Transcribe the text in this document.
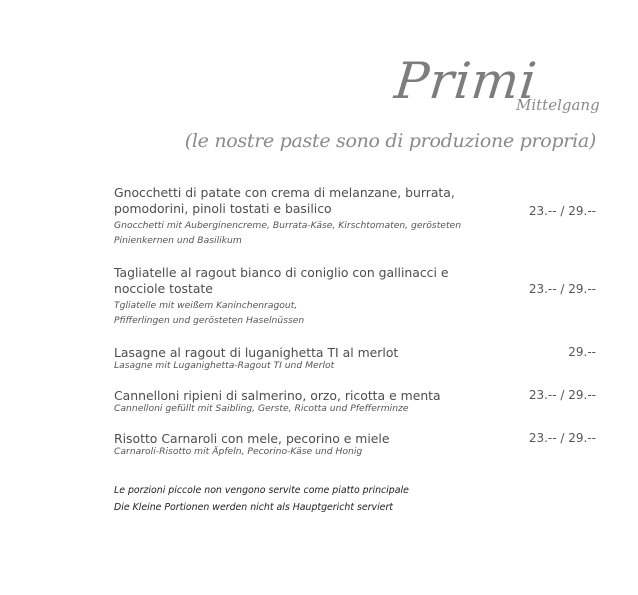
Primi
Mittelgang
(le nostre paste sono di produzione propria)
Gnocchetti di patate con crema di melanzane, burrata, pomodorini, pinoli tostati e basilico	23.-- / 29.--
Gnocchetti mit Auberginencreme, Burrata-Käse, Kirschtomaten, gerösteten Pinienkernen und Basilikum
Tagliatelle al ragout bianco di coniglio con gallinacci e nocciole tostate	23.-- / 29.--
Tgliatelle mit weißem Kaninchenragout, Pfifferlingen und gerösteten Haselnüssen
Lasagne al ragout di luganighetta TI al merlot	29.--
Lasagne mit Luganighetta-Ragout TI und Merlot
Cannelloni ripieni di salmerino, orzo, ricotta e menta	23.-- / 29.--
Cannelloni gefüllt mit Saibling, Gerste, Ricotta und Pfefferminze
Risotto Carnaroli con mele, pecorino e miele	23.-- / 29.--
Carnaroli-Risotto mit Äpfeln, Pecorino-Käse und Honig
Le porzioni piccole non vengono servite come piatto principale
Die Kleine Portionen werden nicht als Hauptgericht serviert
